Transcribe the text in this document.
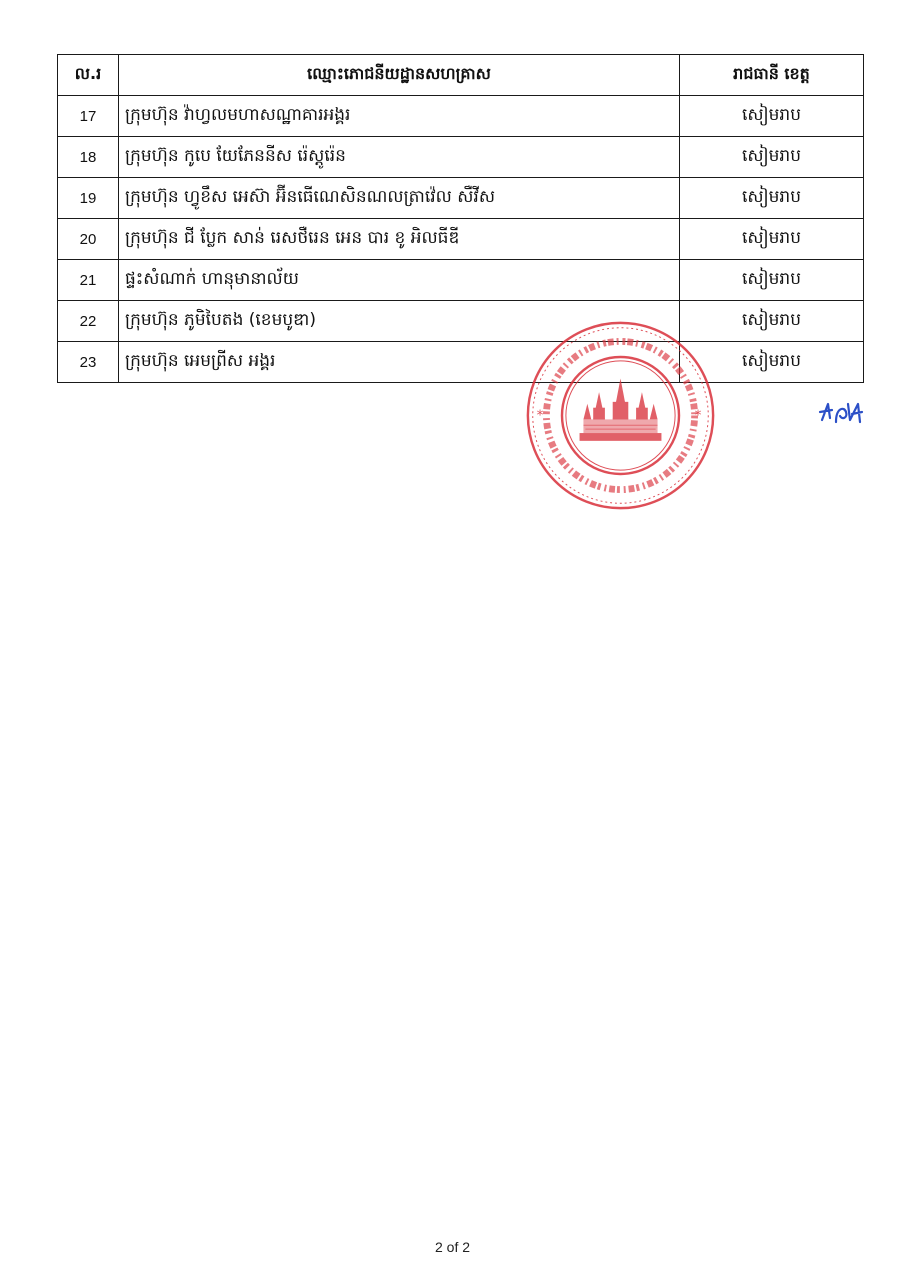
ល.រ	ឈ្មោះភោជនីយដ្ឋានសហគ្រាស	រាជធានី ខេត្ត
17	ក្រុមហ៊ុន វ៉ាហ្វលមហាសណ្ឋាគារអង្គរ	សៀមរាប
18	ក្រុមហ៊ុន កូបេ យែភែននីស រ៉េស្តូរ៉េន	សៀមរាប
19	ក្រុមហ៊ុន ហ្វូខឹស អេស៊ា អ៊ីនធើណេសិនណលត្រាវ៉េល សឺវីស	សៀមរាប
20	ក្រុមហ៊ុន ជី ប្លែក សាន់ រេសថឺរេន អេន បារ ខូ អិលធីឌី	សៀមរាប
21	ផ្ទះសំណាក់ ហានុមានាល័យ	សៀមរាប
22	ក្រុមហ៊ុន ភូមិបៃតង (ខេមបូឌា)	សៀមរាប
23	ក្រុមហ៊ុន អេមព្រីស អង្គរ	សៀមរាប
*	*
2 of 2
